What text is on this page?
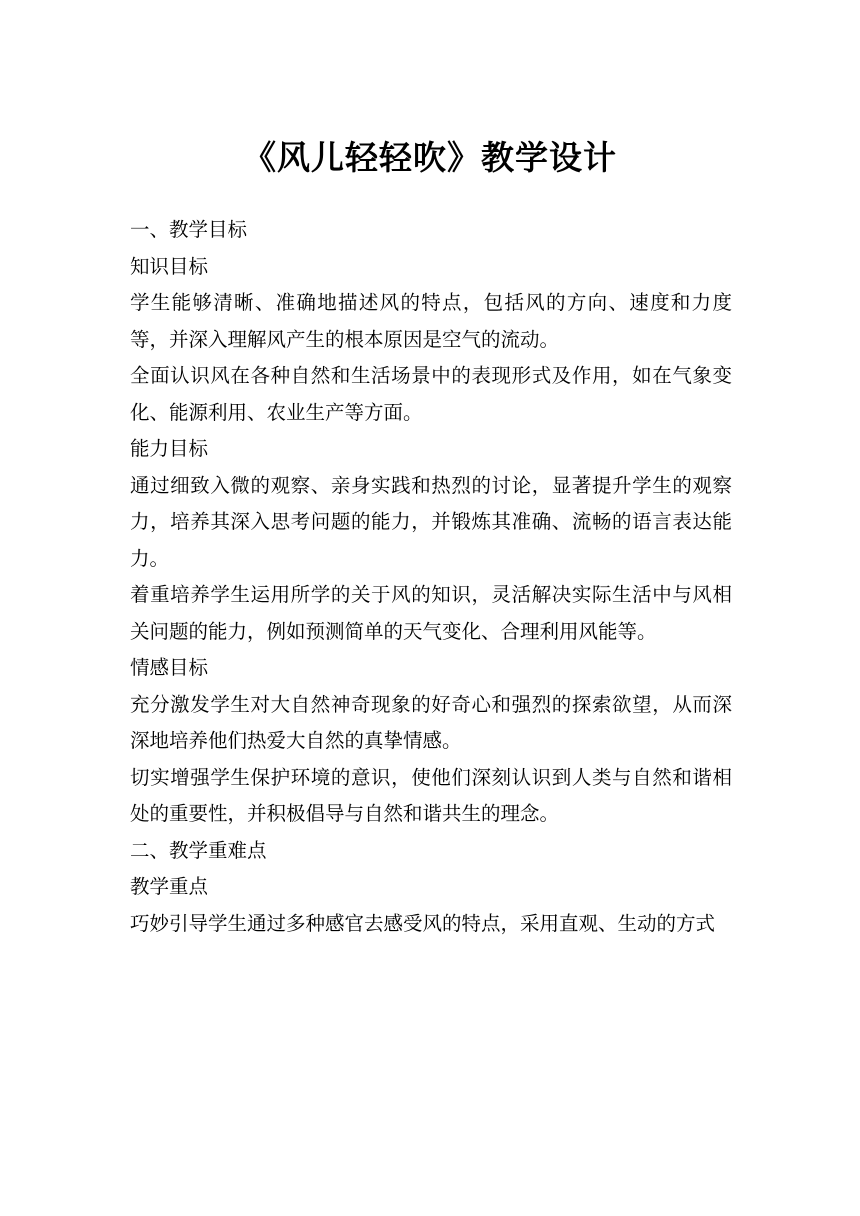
《风儿轻轻吹》教学设计

一、教学目标

知识目标

学生能够清晰、准确地描述风的特点，包括风的方向、速度和力度等，并深入理解风产生的根本原因是空气的流动。

全面认识风在各种自然和生活场景中的表现形式及作用，如在气象变化、能源利用、农业生产等方面。

能力目标

通过细致入微的观察、亲身实践和热烈的讨论，显著提升学生的观察力，培养其深入思考问题的能力，并锻炼其准确、流畅的语言表达能力。

着重培养学生运用所学的关于风的知识，灵活解决实际生活中与风相关问题的能力，例如预测简单的天气变化、合理利用风能等。

情感目标

充分激发学生对大自然神奇现象的好奇心和强烈的探索欲望，从而深深地培养他们热爱大自然的真挚情感。

切实增强学生保护环境的意识，使他们深刻认识到人类与自然和谐相处的重要性，并积极倡导与自然和谐共生的理念。

二、教学重难点

教学重点

巧妙引导学生通过多种感官去感受风的特点，采用直观、生动的方式
